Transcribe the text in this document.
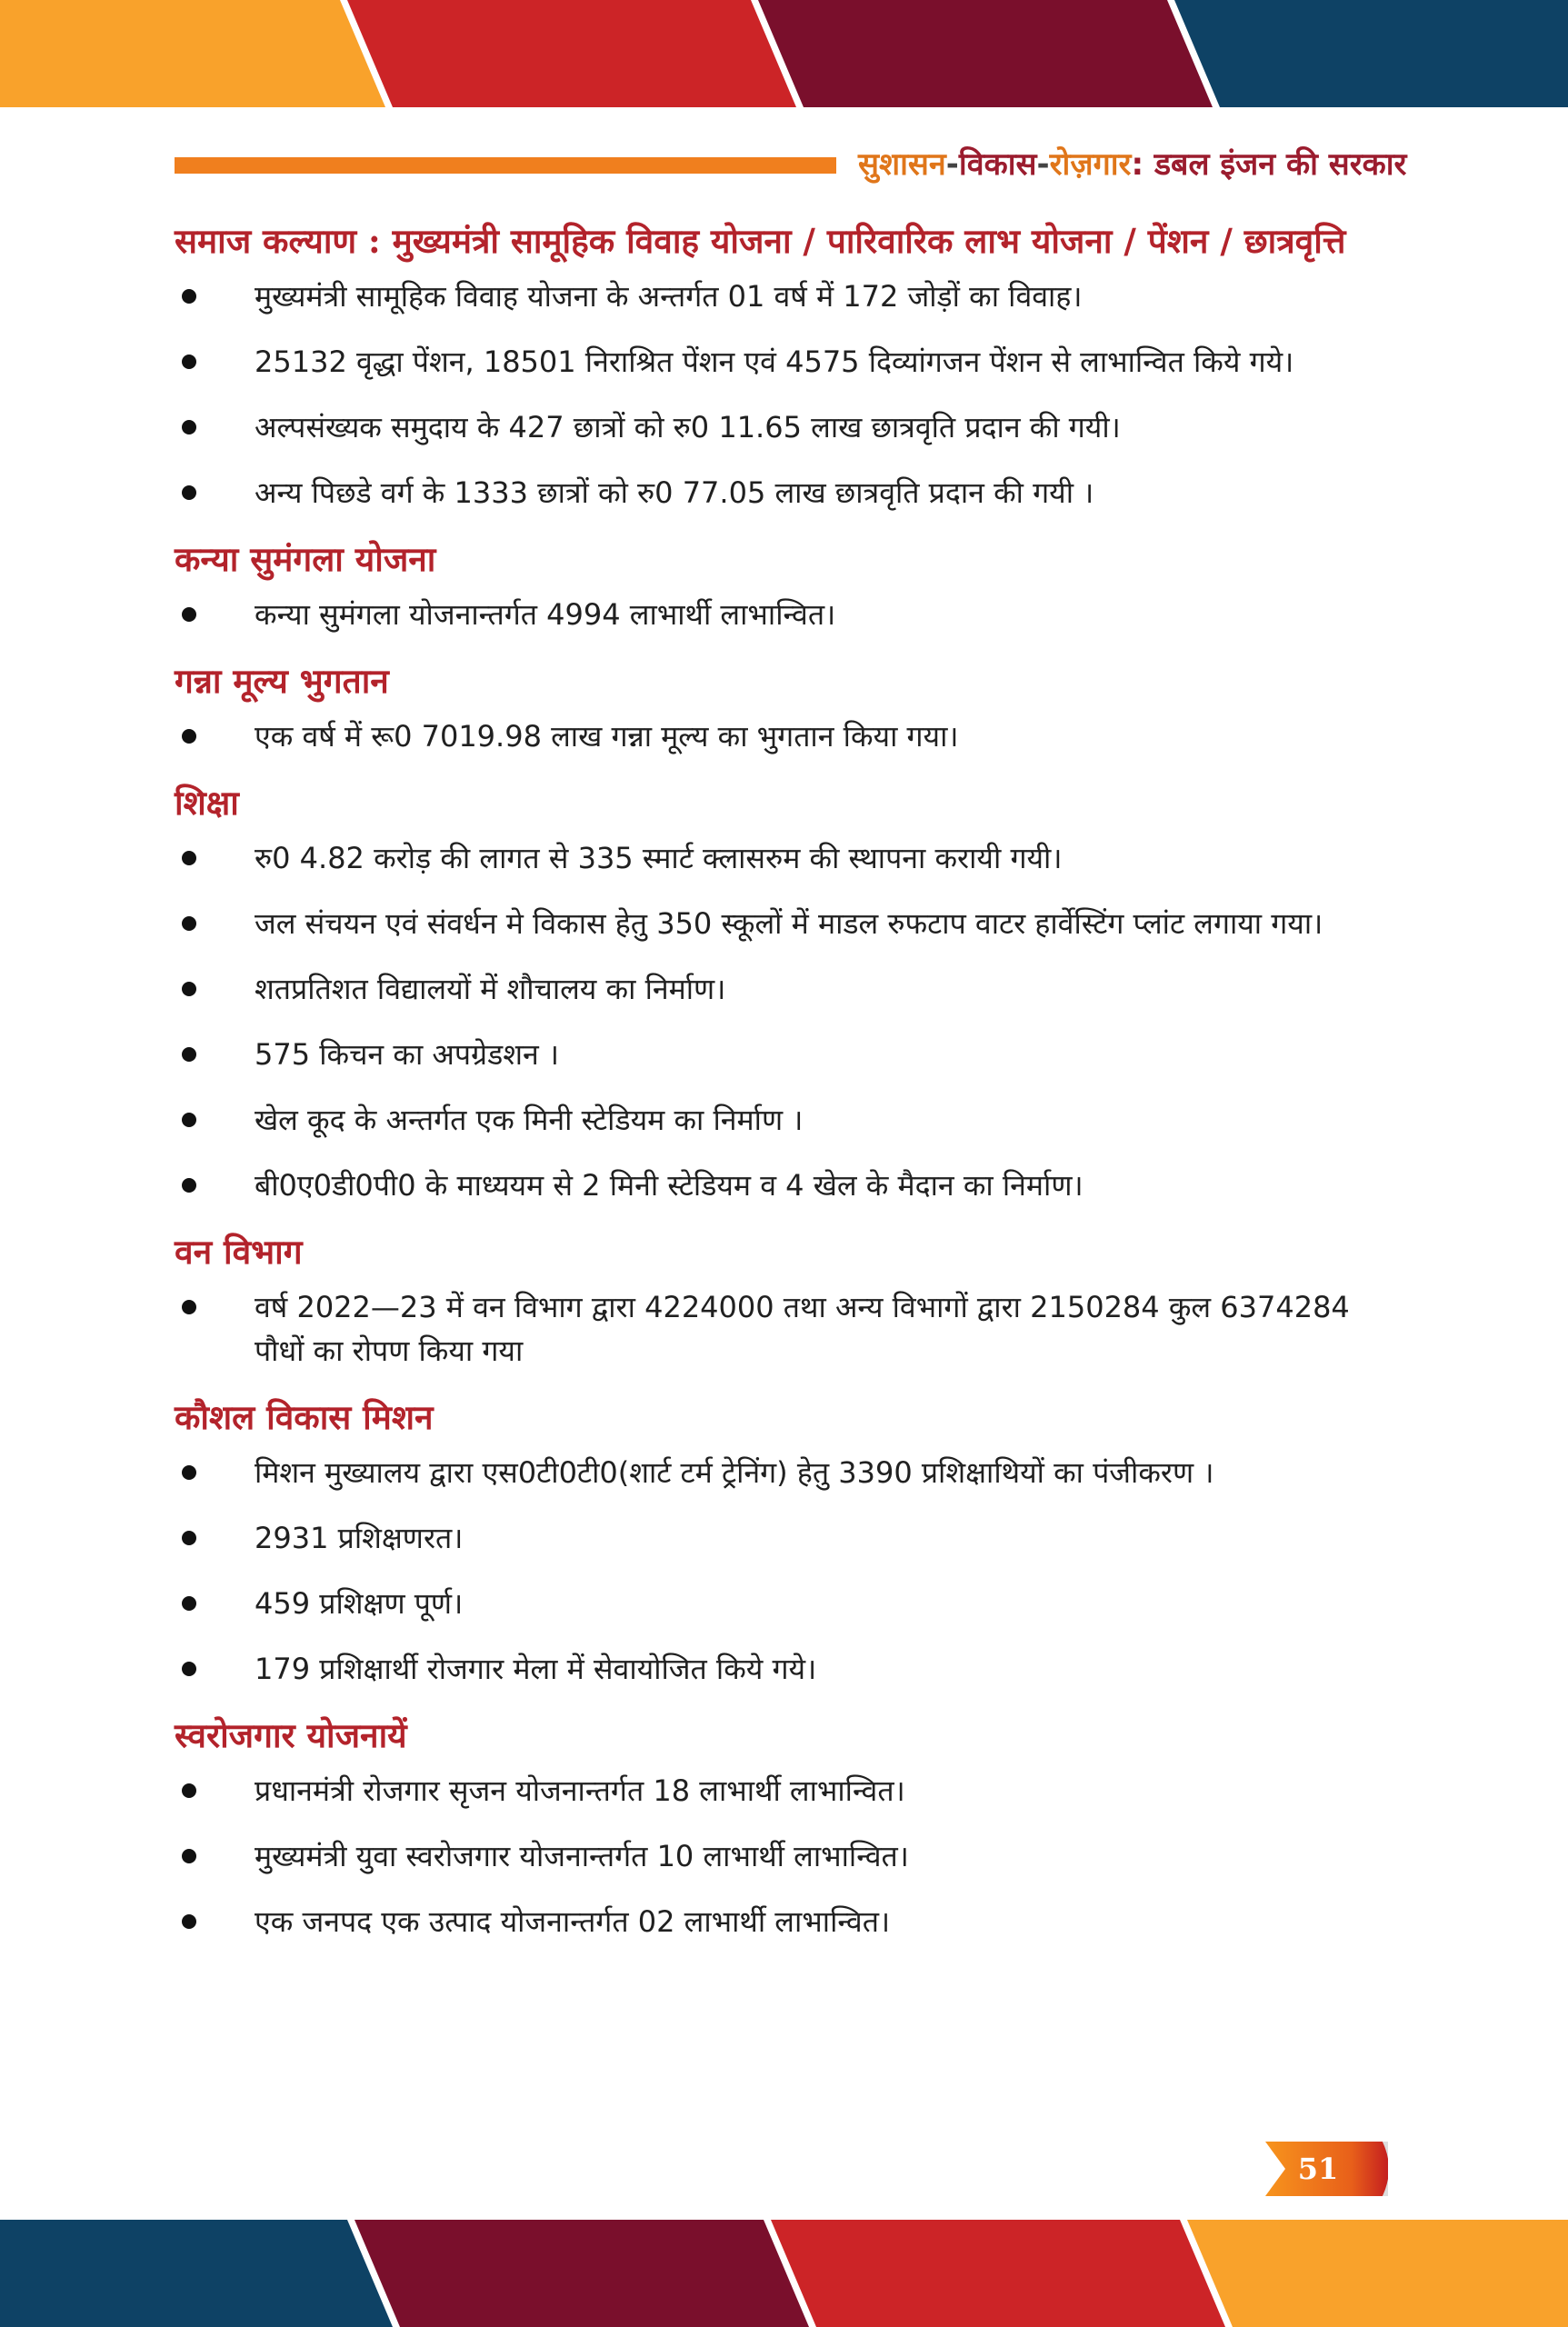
सुशासन-विकास-रोज़गार: डबल इंजन की सरकार
समाज कल्याण : मुख्यमंत्री सामूहिक विवाह योजना / पारिवारिक लाभ योजना / पेंशन / छात्रवृत्ति
मुख्यमंत्री सामूहिक विवाह योजना के अन्तर्गत 01 वर्ष में 172 जोड़ों का विवाह।
25132 वृद्धा पेंशन, 18501 निराश्रित पेंशन एवं 4575 दिव्यांगजन पेंशन से लाभान्वित किये गये।
अल्पसंख्यक समुदाय के 427 छात्रों को रु0 11.65 लाख छात्रवृति प्रदान की गयी।
अन्य पिछडे वर्ग के 1333 छात्रों को रु0 77.05 लाख छात्रवृति प्रदान की गयी ।
कन्या सुमंगला योजना
कन्या सुमंगला योजनान्तर्गत 4994 लाभार्थी लाभान्वित।
गन्ना मूल्य भुगतान
एक वर्ष में रू0 7019.98 लाख गन्ना मूल्य का भुगतान किया गया।
शिक्षा
रु0 4.82 करोड़ की लागत से 335 स्मार्ट क्लासरुम की स्थापना करायी गयी।
जल संचयन एवं संवर्धन मे विकास हेतु 350 स्कूलों में माडल रुफटाप वाटर हार्वेस्टिंग प्लांट लगाया गया।
शतप्रतिशत विद्यालयों में शौचालय का निर्माण।
575 किचन का अपग्रेडशन ।
खेल कूद के अन्तर्गत एक मिनी स्टेडियम का निर्माण ।
बी0ए0डी0पी0 के माध्ययम से 2 मिनी स्टेडियम व 4 खेल के मैदान का निर्माण।
वन विभाग
वर्ष 2022—23 में वन विभाग द्वारा 4224000 तथा अन्य विभागों द्वारा 2150284 कुल 6374284 पौधों का रोपण किया गया
कौशल विकास मिशन
मिशन मुख्यालय द्वारा एस0टी0टी0(शार्ट टर्म ट्रेनिंग) हेतु 3390 प्रशिक्षाथियों का पंजीकरण ।
2931 प्रशिक्षणरत।
459 प्रशिक्षण पूर्ण।
179 प्रशिक्षार्थी रोजगार मेला में सेवायोजित किये गये।
स्वरोजगार योजनायें
प्रधानमंत्री रोजगार सृजन योजनान्तर्गत 18 लाभार्थी लाभान्वित।
मुख्यमंत्री युवा स्वरोजगार योजनान्तर्गत 10 लाभार्थी लाभान्वित।
एक जनपद एक उत्पाद योजनान्तर्गत 02 लाभार्थी लाभान्वित।
51
